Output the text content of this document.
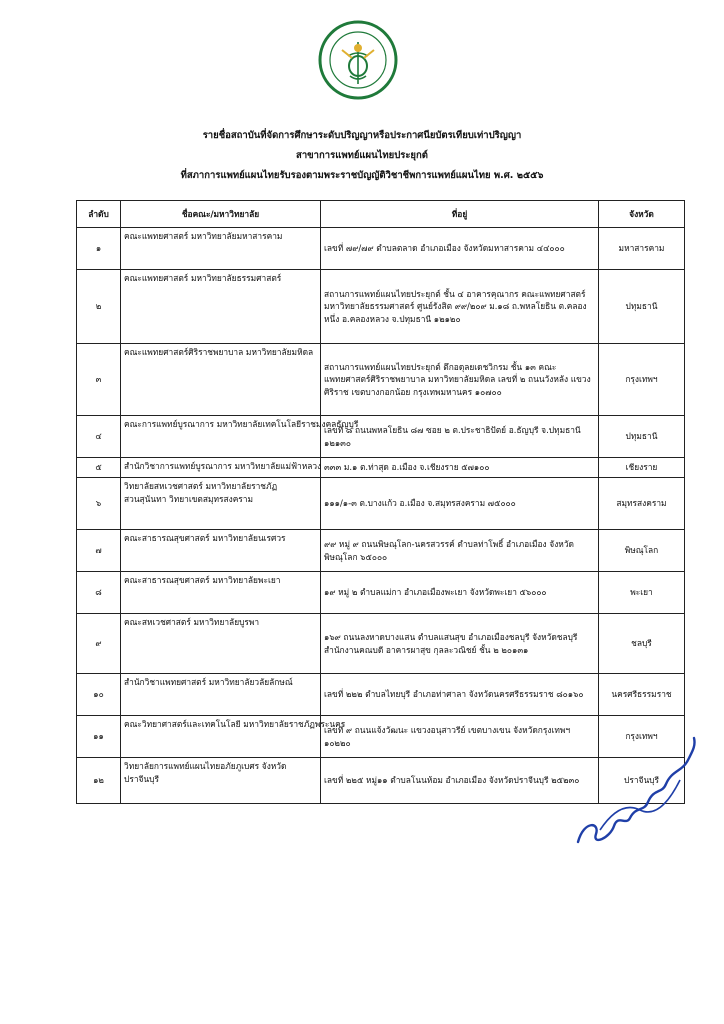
รายชื่อสถาบันที่จัดการศึกษาระดับปริญญาหรือประกาศนียบัตรเทียบเท่าปริญญา
สาขาการแพทย์แผนไทยประยุกต์
ที่สภาการแพทย์แผนไทยรับรองตามพระราชบัญญัติวิชาชีพการแพทย์แผนไทย พ.ศ. ๒๕๕๖
ลำดับ	ชื่อคณะ/มหาวิทยาลัย	ที่อยู่	จังหวัด
๑	คณะแพทยศาสตร์ มหาวิทยาลัยมหาสารคาม	เลขที่ ๗๙/๗๙ ตำบลตลาด อำเภอเมือง จังหวัดมหาสารคาม ๔๔๐๐๐	มหาสารคาม
๒	คณะแพทยศาสตร์ มหาวิทยาลัยธรรมศาสตร์	สถานการแพทย์แผนไทยประยุกต์ ชั้น ๔ อาคารคุณากร คณะแพทยศาสตร์ มหาวิทยาลัยธรรมศาสตร์ ศูนย์รังสิต ๙๙/๒๐๙ ม.๑๘ ถ.พหลโยธิน ต.คลองหนึ่ง อ.คลองหลวง จ.ปทุมธานี ๑๒๑๒๐	ปทุมธานี
๓	คณะแพทยศาสตร์ศิริราชพยาบาล มหาวิทยาลัยมหิดล	สถานการแพทย์แผนไทยประยุกต์ ตึกอดุลยเดชวิกรม ชั้น ๑๓ คณะแพทยศาสตร์ศิริราชพยาบาล มหาวิทยาลัยมหิดล เลขที่ ๒ ถนนวังหลัง แขวงศิริราช เขตบางกอกน้อย กรุงเทพมหานคร ๑๐๗๐๐	กรุงเทพฯ
๔	คณะการแพทย์บูรณาการ มหาวิทยาลัยเทคโนโลยีราชมงคลธัญบุรี	เลขที่ ๘ ถนนพหลโยธิน ๘๗ ซอย ๒ ต.ประชาธิปัตย์ อ.ธัญบุรี จ.ปทุมธานี ๑๒๑๓๐	ปทุมธานี
๕	สำนักวิชาการแพทย์บูรณาการ มหาวิทยาลัยแม่ฟ้าหลวง	๓๓๓ ม.๑ ต.ท่าสุด อ.เมือง จ.เชียงราย ๕๗๑๐๐	เชียงราย
๖	วิทยาลัยสหเวชศาสตร์ มหาวิทยาลัยราชภัฏสวนสุนันทา วิทยาเขตสมุทรสงคราม	๑๑๑/๑-๓ ต.บางแก้ว อ.เมือง จ.สมุทรสงคราม ๗๕๐๐๐	สมุทรสงคราม
๗	คณะสาธารณสุขศาสตร์ มหาวิทยาลัยนเรศวร	๙๙ หมู่ ๙ ถนนพิษณุโลก-นครสวรรค์ ตำบลท่าโพธิ์ อำเภอเมือง จังหวัดพิษณุโลก ๖๕๐๐๐	พิษณุโลก
๘	คณะสาธารณสุขศาสตร์ มหาวิทยาลัยพะเยา	๑๙ หมู่ ๒ ตำบลแม่กา อำเภอเมืองพะเยา จังหวัดพะเยา ๕๖๐๐๐	พะเยา
๙	คณะสหเวชศาสตร์ มหาวิทยาลัยบูรพา	๑๖๙ ถนนลงหาดบางแสน ตำบลแสนสุข อำเภอเมืองชลบุรี จังหวัดชลบุรี สำนักงานคณบดี อาคารผาสุข กุลละวณิชย์ ชั้น ๒ ๒๐๑๓๑	ชลบุรี
๑๐	สำนักวิชาแพทยศาสตร์ มหาวิทยาลัยวลัยลักษณ์	เลขที่ ๒๒๒ ตำบลไทยบุรี อำเภอท่าศาลา จังหวัดนครศรีธรรมราช ๘๐๑๖๐	นครศรีธรรมราช
๑๑	คณะวิทยาศาสตร์และเทคโนโลยี มหาวิทยาลัยราชภัฏพระนคร	เลขที่ ๙ ถนนแจ้งวัฒนะ แขวงอนุสาวรีย์ เขตบางเขน จังหวัดกรุงเทพฯ ๑๐๒๒๐	กรุงเทพฯ
๑๒	วิทยาลัยการแพทย์แผนไทยอภัยภูเบศร จังหวัดปราจีนบุรี	เลขที่ ๒๒๕ หมู่๑๑ ตำบลโนนห้อม อำเภอเมือง จังหวัดปราจีนบุรี ๒๕๒๓๐	ปราจีนบุรี
